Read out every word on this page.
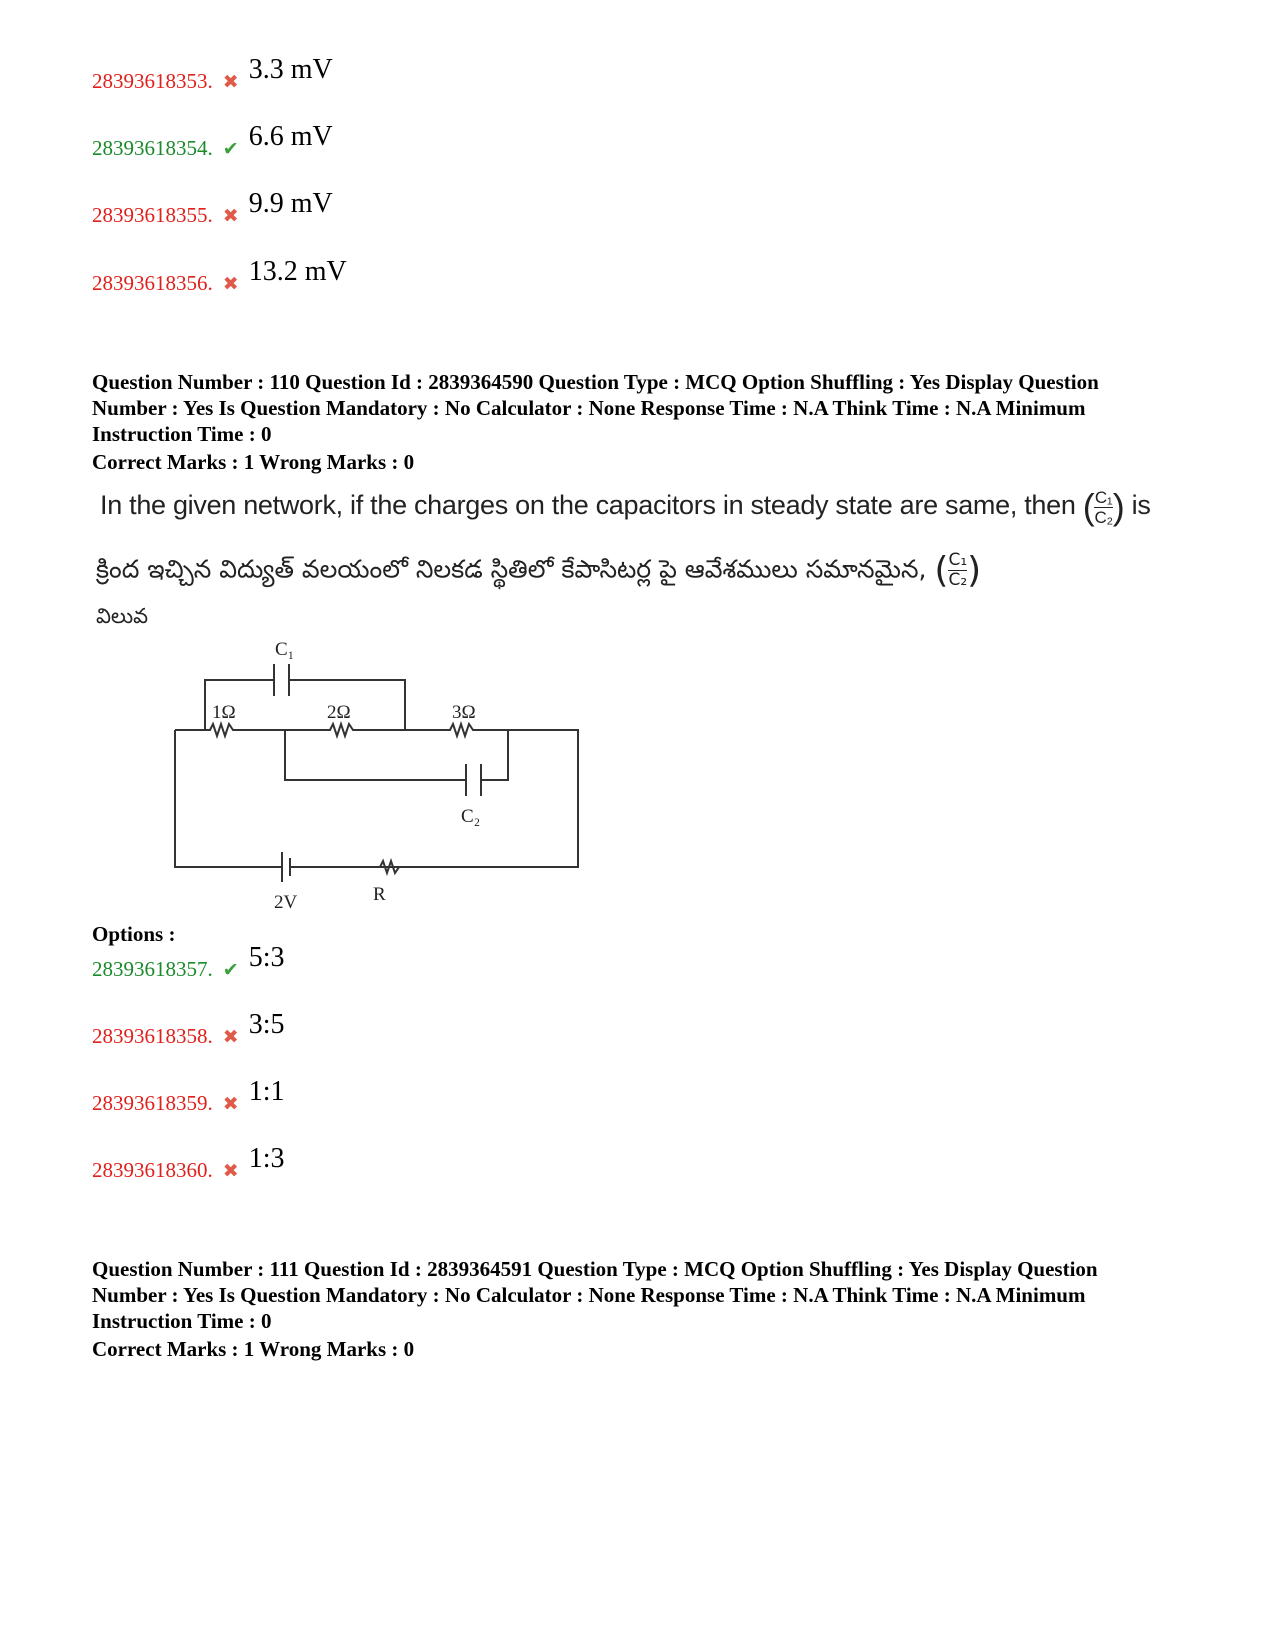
28393618353. ✖ 3.3 mV
28393618354. ✔ 6.6 mV
28393618355. ✖ 9.9 mV
28393618356. ✖ 13.2 mV
Question Number : 110 Question Id : 2839364590 Question Type : MCQ Option Shuffling : Yes Display Question Number : Yes Is Question Mandatory : No Calculator : None Response Time : N.A Think Time : N.A Minimum Instruction Time : 0
Correct Marks : 1 Wrong Marks : 0
In the given network, if the charges on the capacitors in steady state are same, then ( $\frac{\text{C₁}}{\text{C₂}}$ ) is
క్రింద ఇచ్చిన విద్యుత్ వలయంలో నిలకడ స్థితిలో కేపాసిటర్ల పై ఆవేశములు సమానమైన, ( $\frac{\text{C₁}}{\text{C₂}}$ )
విలువ
C₁
1Ω	2Ω	3Ω
C₂
2V	R
Options :
28393618357. ✔ 5:3
28393618358. ✖ 3:5
28393618359. ✖ 1:1
28393618360. ✖ 1:3
Question Number : 111 Question Id : 2839364591 Question Type : MCQ Option Shuffling : Yes Display Question Number : Yes Is Question Mandatory : No Calculator : None Response Time : N.A Think Time : N.A Minimum Instruction Time : 0
Correct Marks : 1 Wrong Marks : 0
